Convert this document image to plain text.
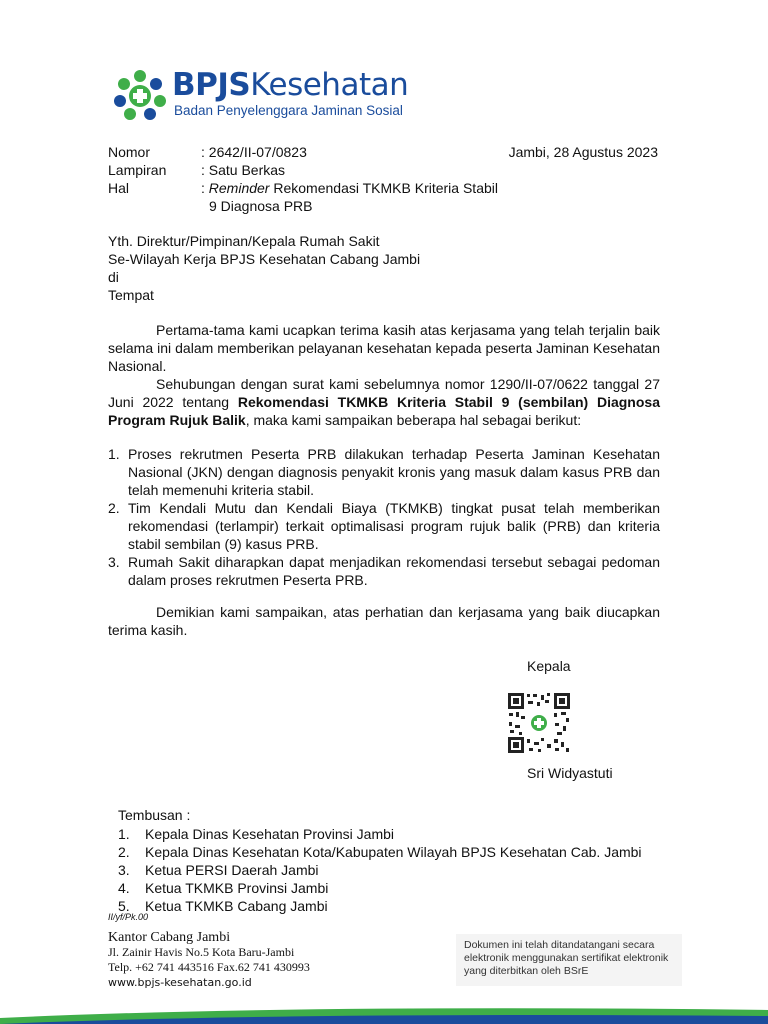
BPJSKesehatan
Badan Penyelenggara Jaminan Sosial
Nomor	: 2642/II-07/0823	Jambi, 28 Agustus 2023
Lampiran : Satu Berkas
Hal	: Reminder Rekomendasi TKMKB Kriteria Stabil
9 Diagnosa PRB
Yth. Direktur/Pimpinan/Kepala Rumah Sakit
Se-Wilayah Kerja BPJS Kesehatan Cabang Jambi
di
Tempat

Pertama-tama kami ucapkan terima kasih atas kerjasama yang telah terjalin baik selama ini dalam memberikan pelayanan kesehatan kepada peserta Jaminan Kesehatan Nasional.

Sehubungan dengan surat kami sebelumnya nomor 1290/II-07/0622 tanggal 27 Juni 2022 tentang Rekomendasi TKMKB Kriteria Stabil 9 (sembilan) Diagnosa Program Rujuk Balik, maka kami sampaikan beberapa hal sebagai berikut:

1. Proses rekrutmen Peserta PRB dilakukan terhadap Peserta Jaminan Kesehatan Nasional (JKN) dengan diagnosis penyakit kronis yang masuk dalam kasus PRB dan telah memenuhi kriteria stabil.
2. Tim Kendali Mutu dan Kendali Biaya (TKMKB) tingkat pusat telah memberikan rekomendasi (terlampir) terkait optimalisasi program rujuk balik (PRB) dan kriteria stabil sembilan (9) kasus PRB.
3. Rumah Sakit diharapkan dapat menjadikan rekomendasi tersebut sebagai pedoman dalam proses rekrutmen Peserta PRB.

Demikian kami sampaikan, atas perhatian dan kerjasama yang baik diucapkan terima kasih.

Kepala
Sri Widyastuti
Tembusan :
1. Kepala Dinas Kesehatan Provinsi Jambi
2. Kepala Dinas Kesehatan Kota/Kabupaten Wilayah BPJS Kesehatan Cab. Jambi
3. Ketua PERSI Daerah Jambi
4. Ketua TKMKB Provinsi Jambi
5. Ketua TKMKB Cabang Jambi
II/yf/Pk.00
Kantor Cabang Jambi
Jl. Zainir Havis No.5 Kota Baru-Jambi
Telp. +62 741 443516 Fax.62 741 430993
www.bpjs-kesehatan.go.id
Dokumen ini telah ditandatangani secara elektronik menggunakan sertifikat elektronik yang diterbitkan oleh BSrE
